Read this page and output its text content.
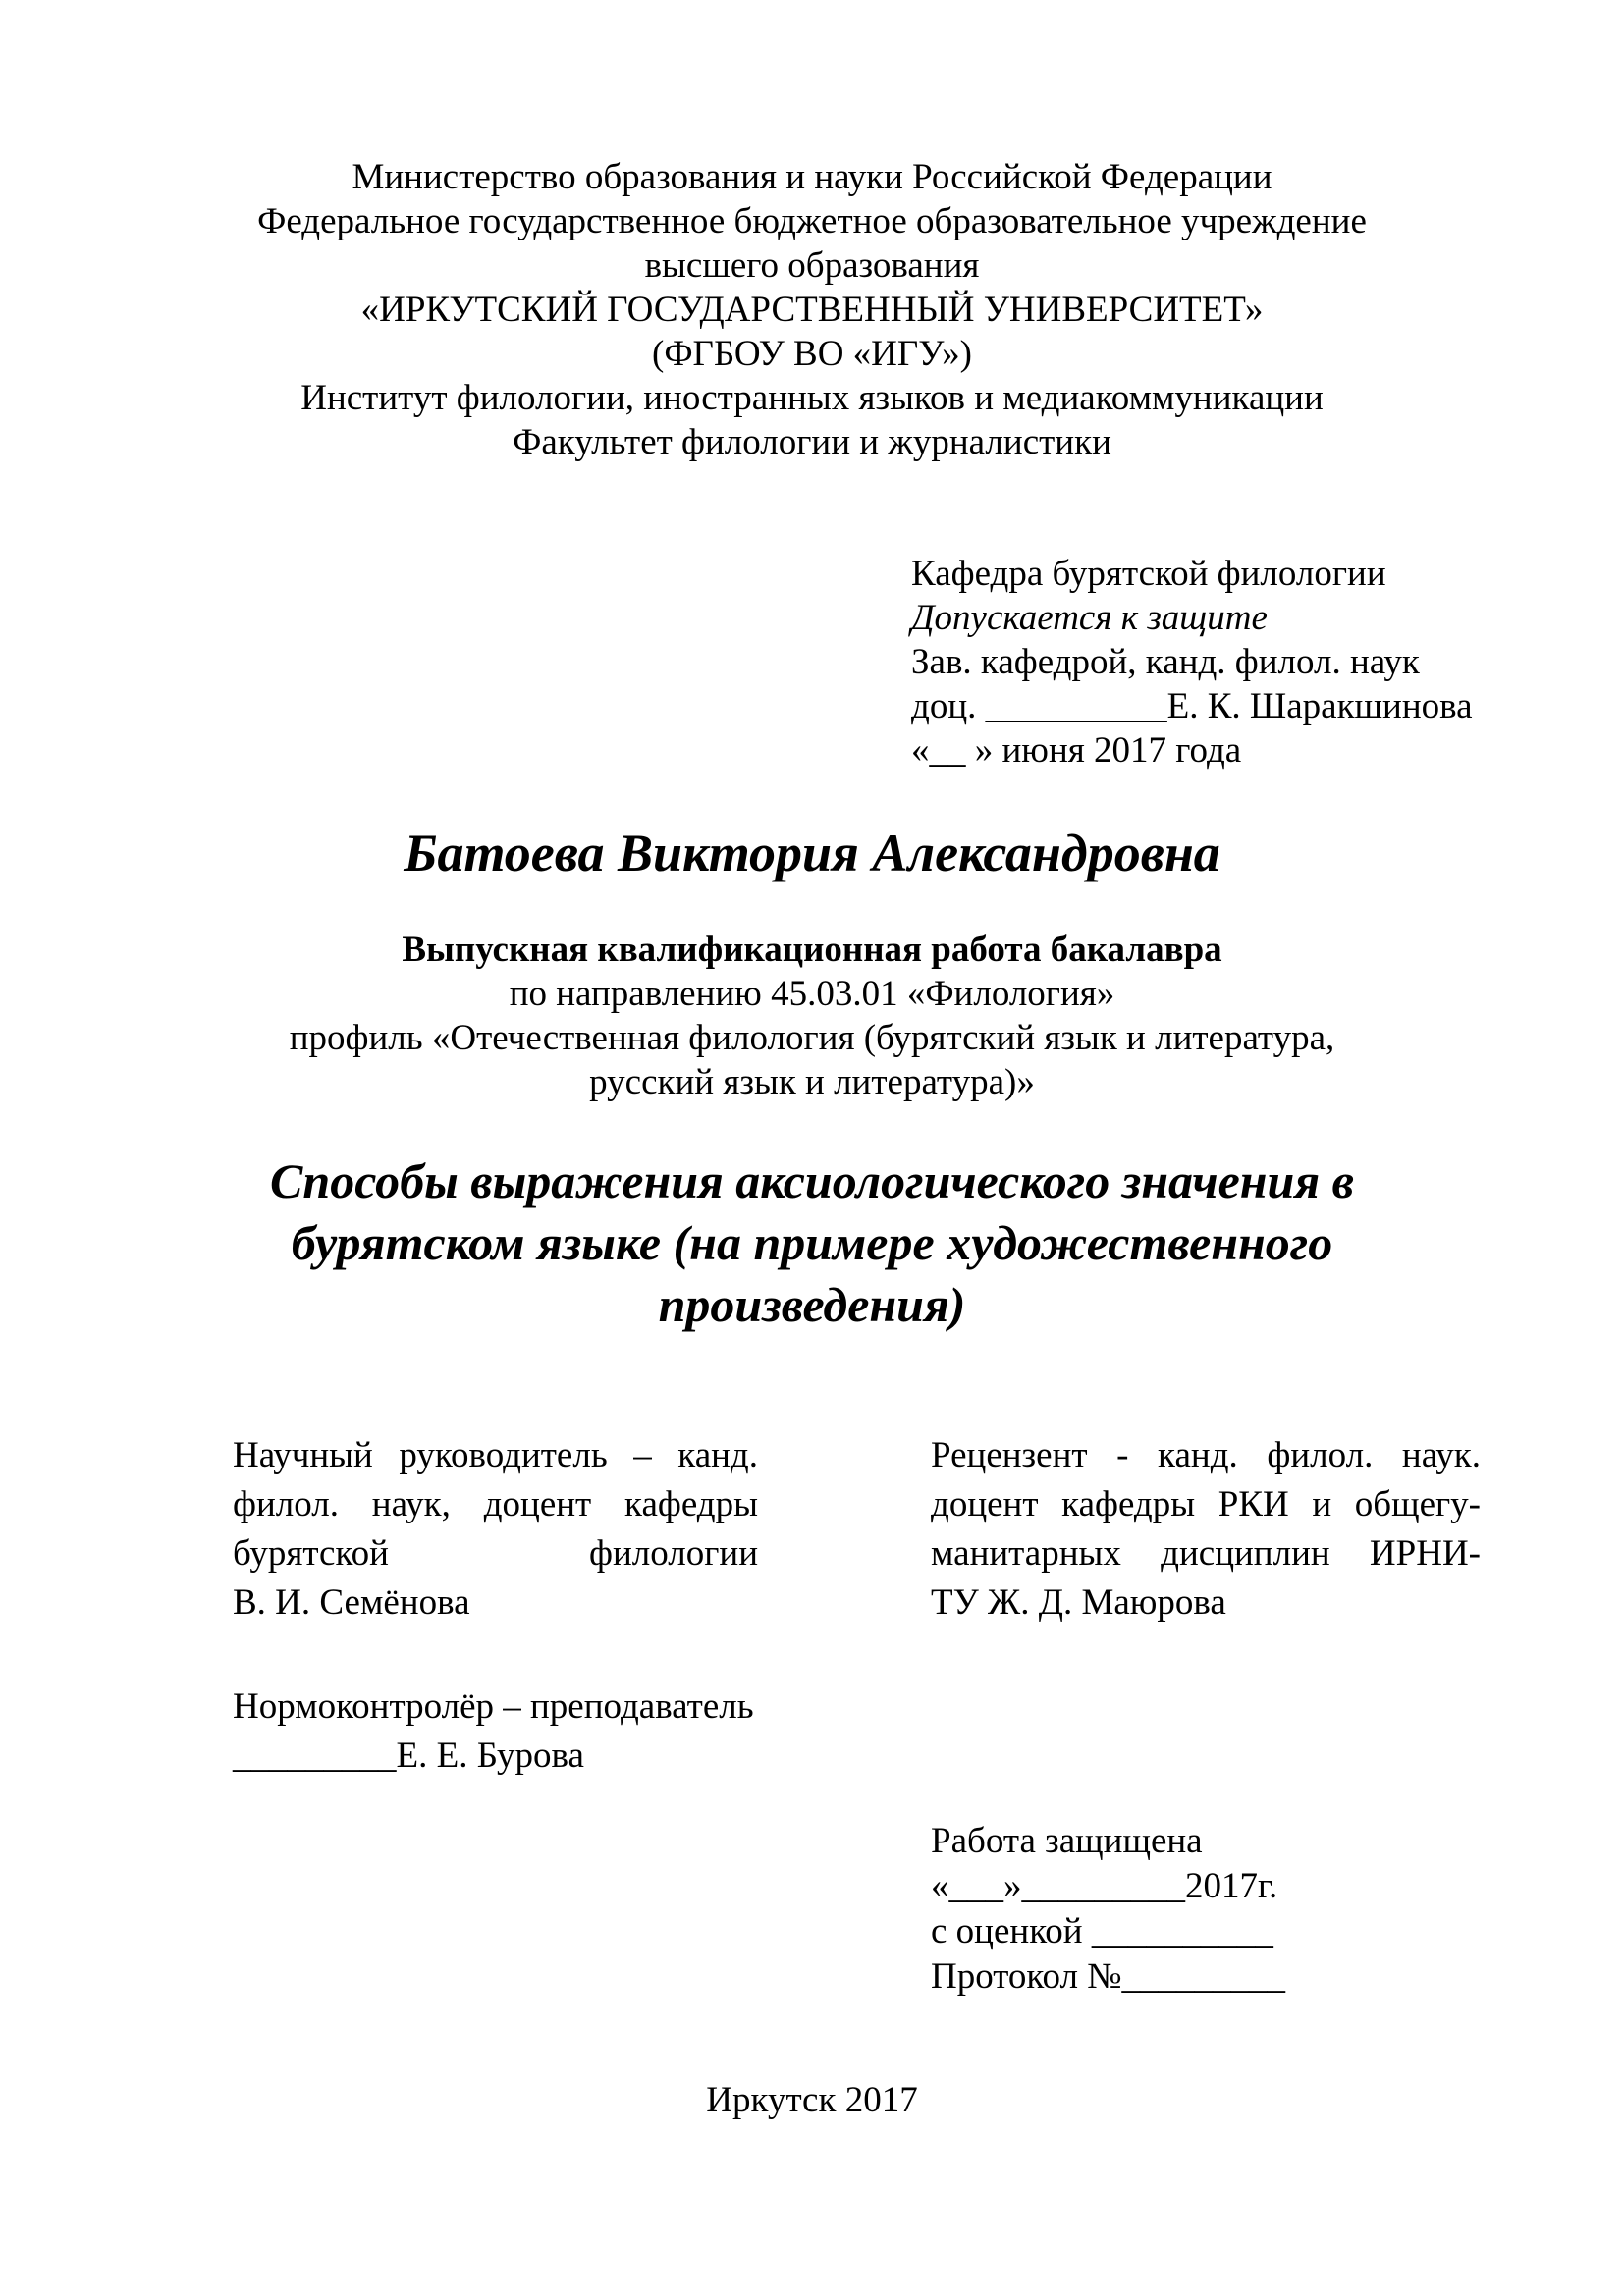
Министерство образования и науки Российской Федерации
Федеральное государственное бюджетное образовательное учреждение
высшего образования
«ИРКУТСКИЙ ГОСУДАРСТВЕННЫЙ УНИВЕРСИТЕТ»
(ФГБОУ ВО «ИГУ»)
Институт филологии, иностранных языков и медиакоммуникации
Факультет филологии и журналистики
Кафедра бурятской филологии
Допускается к защите
Зав. кафедрой, канд. филол. наук
доц. __________Е. К. Шаракшинова
«__ » июня 2017 года
Батоева Виктория Александровна
Выпускная квалификационная работа бакалавра
по направлению 45.03.01 «Филология»
профиль «Отечественная филология (бурятский язык и литература,
русский язык и литература)»
Способы выражения аксиологического значения в
бурятском языке (на примере художественного
произведения)
Научный руководитель – канд.
филол. наук, доцент кафедры
бурятской филологии
В. И. Семёнова
Рецензент - канд. филол. наук.
доцент кафедры РКИ и общегу-
манитарных дисциплин ИРНИ-
ТУ Ж. Д. Маюрова
Нормоконтролёр – преподаватель
_________Е. Е. Бурова
Работа защищена
«___»_________2017г.
с оценкой __________
Протокол №_________
Иркутск 2017
